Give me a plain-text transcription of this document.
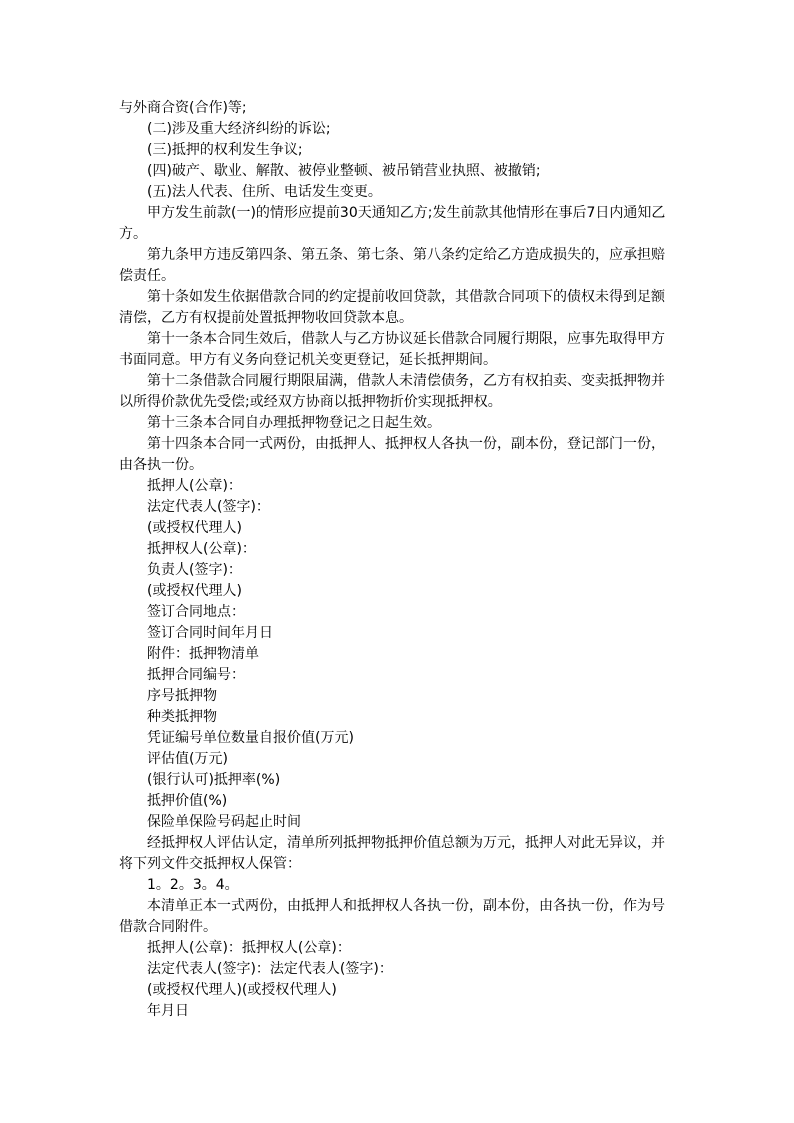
与外商合资(合作)等;

(二)涉及重大经济纠纷的诉讼;

(三)抵押的权利发生争议;

(四)破产、歇业、解散、被停业整顿、被吊销营业执照、被撤销;

(五)法人代表、住所、电话发生变更。

甲方发生前款(一)的情形应提前30天通知乙方;发生前款其他情形在事后7日内通知乙方。

第九条甲方违反第四条、第五条、第七条、第八条约定给乙方造成损失的，应承担赔偿责任。

第十条如发生依据借款合同的约定提前收回贷款，其借款合同项下的债权未得到足额清偿，乙方有权提前处置抵押物收回贷款本息。

第十一条本合同生效后，借款人与乙方协议延长借款合同履行期限，应事先取得甲方书面同意。甲方有义务向登记机关变更登记，延长抵押期间。

第十二条借款合同履行期限届满，借款人未清偿债务，乙方有权拍卖、变卖抵押物并以所得价款优先受偿;或经双方协商以抵押物折价实现抵押权。

第十三条本合同自办理抵押物登记之日起生效。

第十四条本合同一式两份，由抵押人、抵押权人各执一份，副本份，登记部门一份，由各执一份。

抵押人(公章)：

法定代表人(签字)：

(或授权代理人)

抵押权人(公章)：

负责人(签字)：

(或授权代理人)

签订合同地点：

签订合同时间年月日

附件：抵押物清单

抵押合同编号：

序号抵押物

种类抵押物

凭证编号单位数量自报价值(万元)

评估值(万元)

(银行认可)抵押率(%)

抵押价值(%)

保险单保险号码起止时间

经抵押权人评估认定，清单所列抵押物抵押价值总额为万元，抵押人对此无异议，并将下列文件交抵押权人保管：

1。2。3。4。

本清单正本一式两份，由抵押人和抵押权人各执一份，副本份，由各执一份，作为号借款合同附件。

抵押人(公章)：抵押权人(公章)：

法定代表人(签字)：法定代表人(签字)：

(或授权代理人)(或授权代理人)

年月日
